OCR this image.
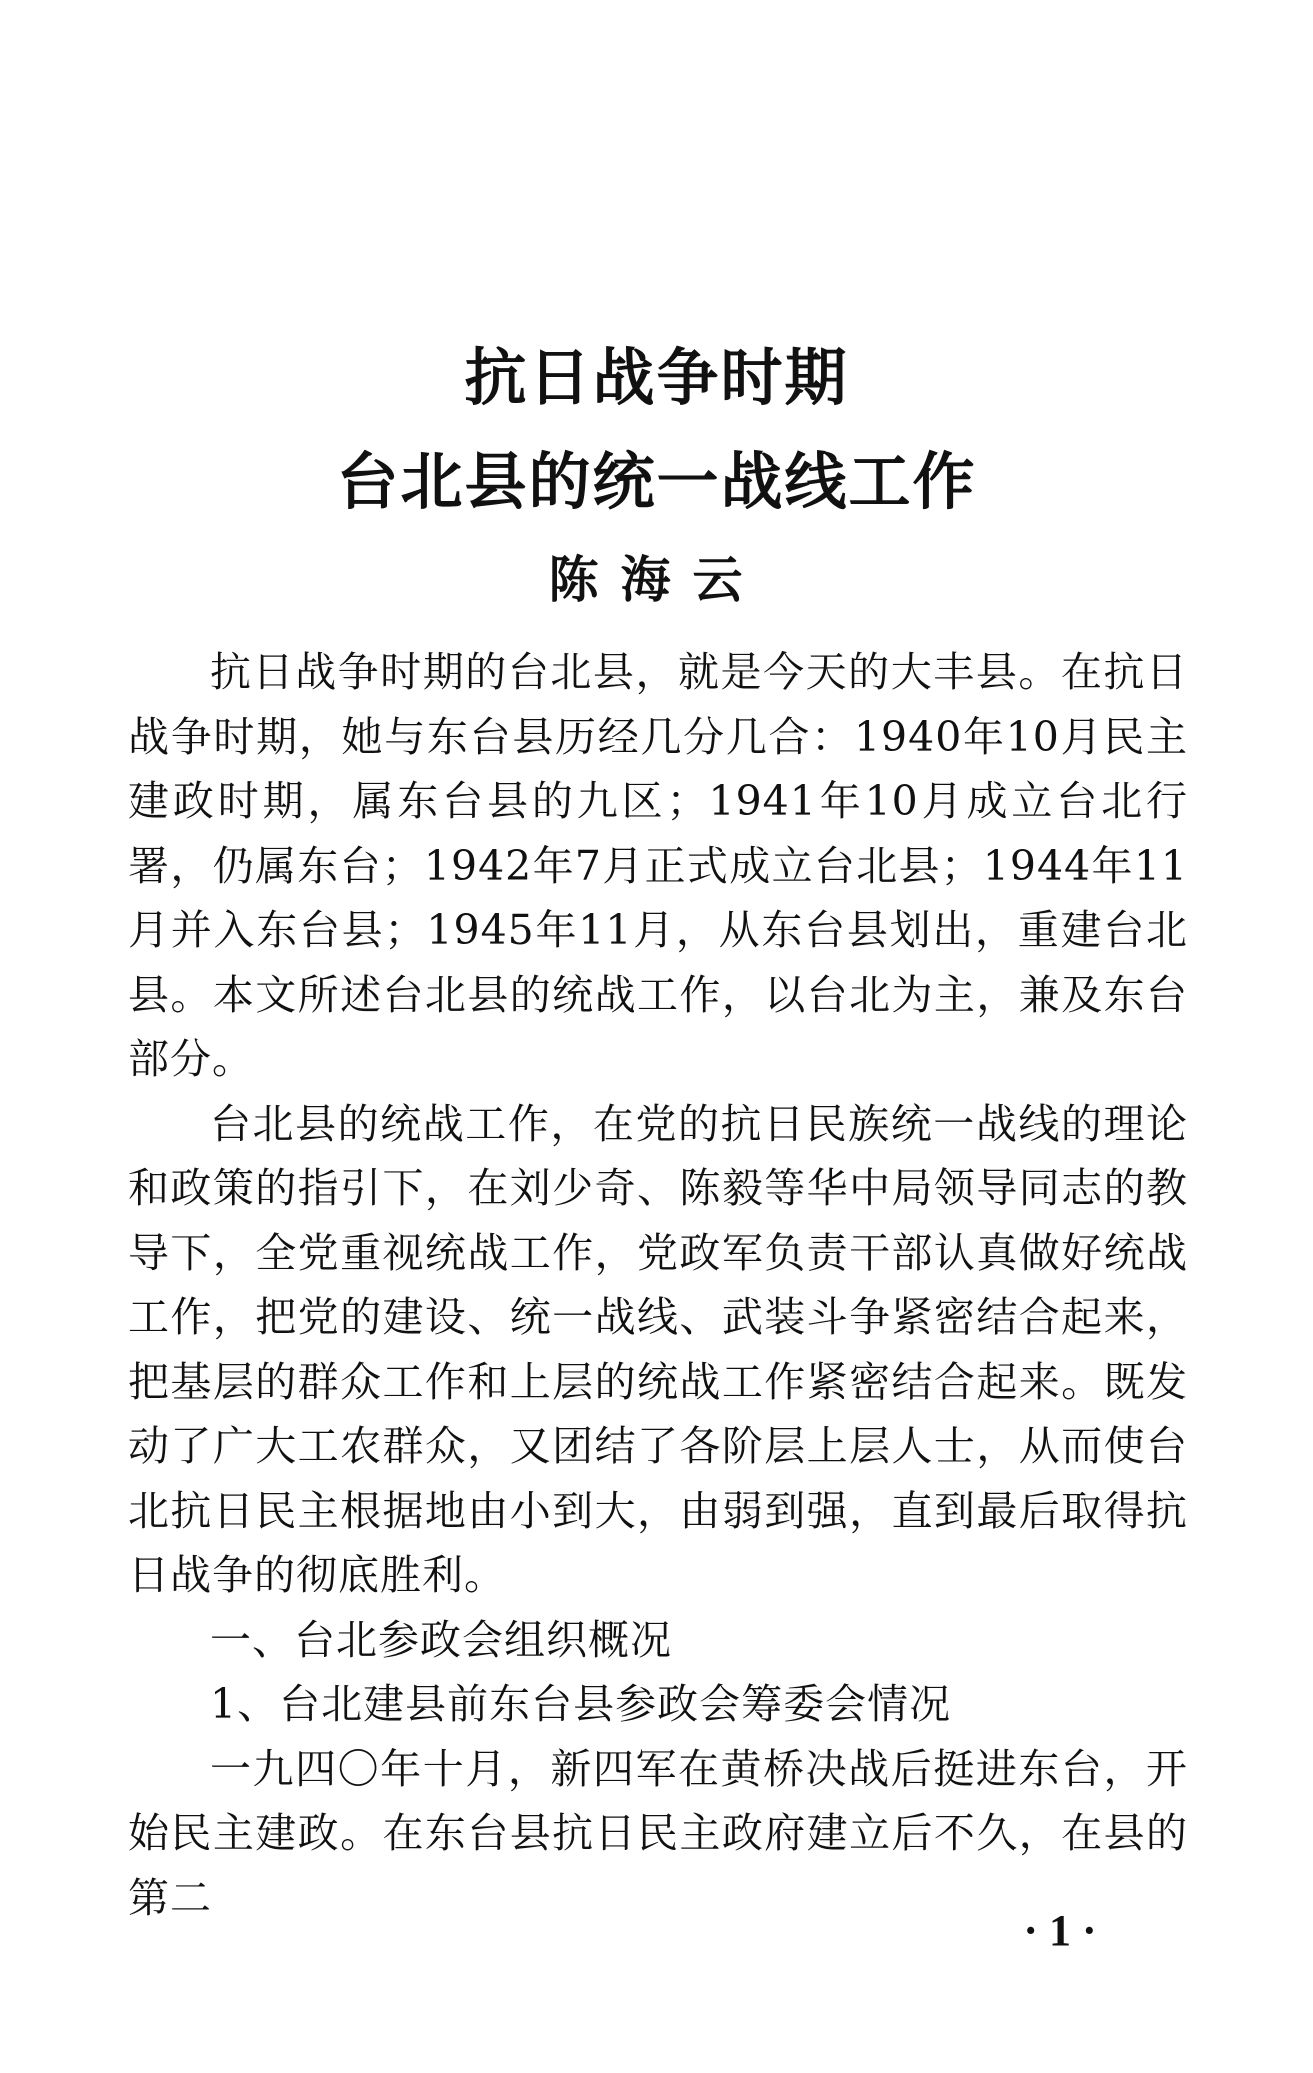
抗日战争时期
台北县的统一战线工作
陈海云

抗日战争时期的台北县，就是今天的大丰县。在抗日战争时期，她与东台县历经几分几合：1940年10月民主建政时期，属东台县的九区；1941年10月成立台北行署，仍属东台；1942年7月正式成立台北县；1944年11月并入东台县；1945年11月，从东台县划出，重建台北县。本文所述台北县的统战工作，以台北为主，兼及东台部分。

台北县的统战工作，在党的抗日民族统一战线的理论和政策的指引下，在刘少奇、陈毅等华中局领导同志的教导下，全党重视统战工作，党政军负责干部认真做好统战工作，把党的建设、统一战线、武装斗争紧密结合起来，把基层的群众工作和上层的统战工作紧密结合起来。既发动了广大工农群众，又团结了各阶层上层人士，从而使台北抗日民主根据地由小到大，由弱到强，直到最后取得抗日战争的彻底胜利。

一、台北参政会组织概况
1、台北建县前东台县参政会筹委会情况

一九四〇年十月，新四军在黄桥决战后挺进东台，开始民主建政。在东台县抗日民主政府建立后不久，在县的第二

· 1 ·
